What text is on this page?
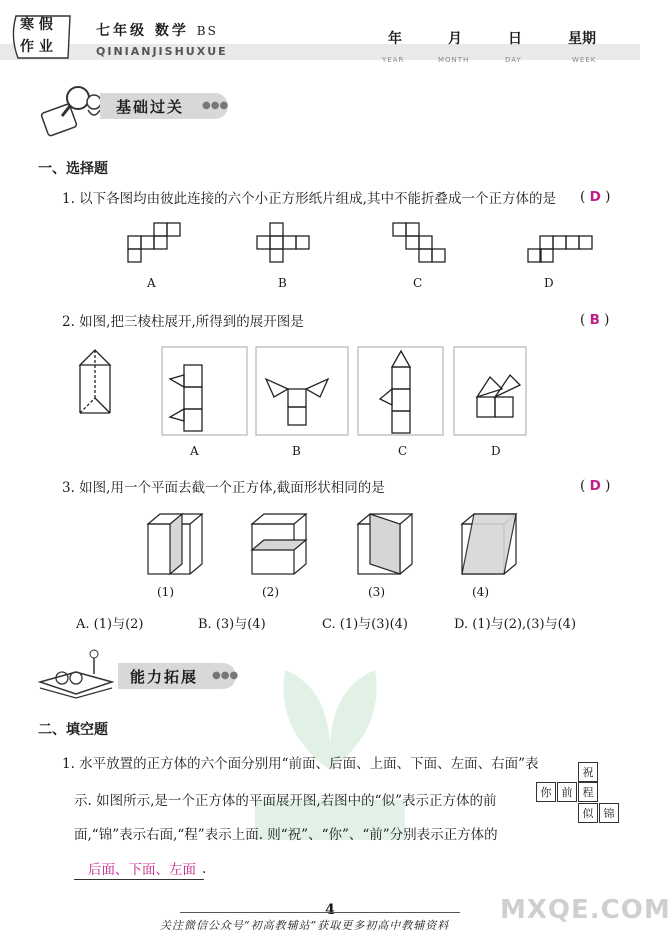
寒 假
作 业
七年级 数学 BS
QINIANJISHUXUE
年	月	日	星期
YEAR	MONTH	DAY	WEEK
基础过关 ●●●
一、选择题
1. 以下各图均由彼此连接的六个小正方形纸片组成,其中不能折叠成一个正方体的是 ( D )
A	B	C	D
2. 如图,把三棱柱展开,所得到的展开图是	( B )
A	B	C	D
3. 如图,用一个平面去截一个正方体,截面形状相同的是	( D )
(1)	(2)	(3)	(4)
A. (1)与(2)	B. (3)与(4)	C. (1)与(3)(4)	D. (1)与(2),(3)与(4)
能力拓展 ●●●
二、填空题
1. 水平放置的正方体的六个面分别用“前面、后面、上面、下面、左面、右面”表
示. 如图所示,是一个正方体的平面展开图,若图中的“似”表示正方体的前
面,“锦”表示右面,“程”表示上面. 则“祝”、“你”、“前”分别表示正方体的
后面、下面、左面 .
祝
你 前 程
似 锦
MXQE.COM
4
关注微信公众号“初高教辅站”获取更多初高中教辅资料
